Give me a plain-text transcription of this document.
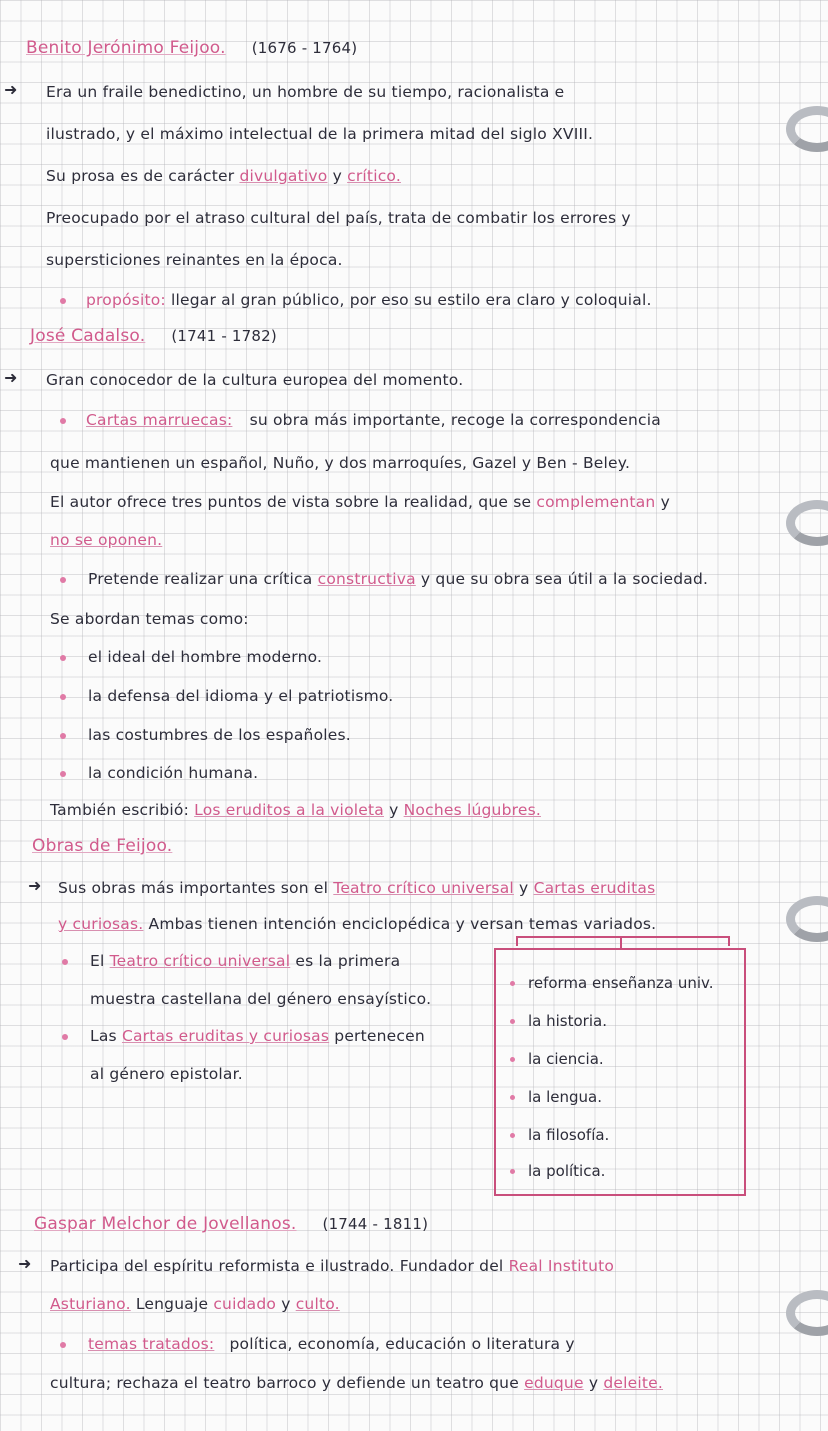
Benito Jerónimo Feijoo. (1676 - 1764)
➜ Era un fraile benedictino, un hombre de su tiempo, racionalista e
ilustrado, y el máximo intelectual de la primera mitad del siglo XVIII.
Su prosa es de carácter divulgativo y crítico.
Preocupado por el atraso cultural del país, trata de combatir los errores y
supersticiones reinantes en la época.
propósito: llegar al gran público, por eso su estilo era claro y coloquial.
José Cadalso. (1741 - 1782)
➜ Gran conocedor de la cultura europea del momento.
Cartas marruecas: su obra más importante, recoge la correspondencia
que mantienen un español, Nuño, y dos marroquíes, Gazel y Ben - Beley.
El autor ofrece tres puntos de vista sobre la realidad, que se complementan y
no se oponen.
Pretende realizar una crítica constructiva y que su obra sea útil a la sociedad.
Se abordan temas como:
el ideal del hombre moderno.
la defensa del idioma y el patriotismo.
las costumbres de los españoles.
la condición humana.
También escribió: Los eruditos a la violeta y Noches lúgubres.
Obras de Feijoo.
➜ Sus obras más importantes son el Teatro crítico universal y Cartas eruditas
y curiosas. Ambas tienen intención enciclopédica y versan temas variados.
El Teatro crítico universal es la primera
muestra castellana del género ensayístico.
Las Cartas eruditas y curiosas pertenecen
al género epistolar.
reforma enseñanza univ.
la historia.
la ciencia.
la lengua.
la filosofía.
la política.
Gaspar Melchor de Jovellanos. (1744 - 1811)
➜ Participa del espíritu reformista e ilustrado. Fundador del Real Instituto
Asturiano. Lenguaje cuidado y culto.
temas tratados: política, economía, educación o literatura y
cultura; rechaza el teatro barroco y defiende un teatro que eduque y deleite.
